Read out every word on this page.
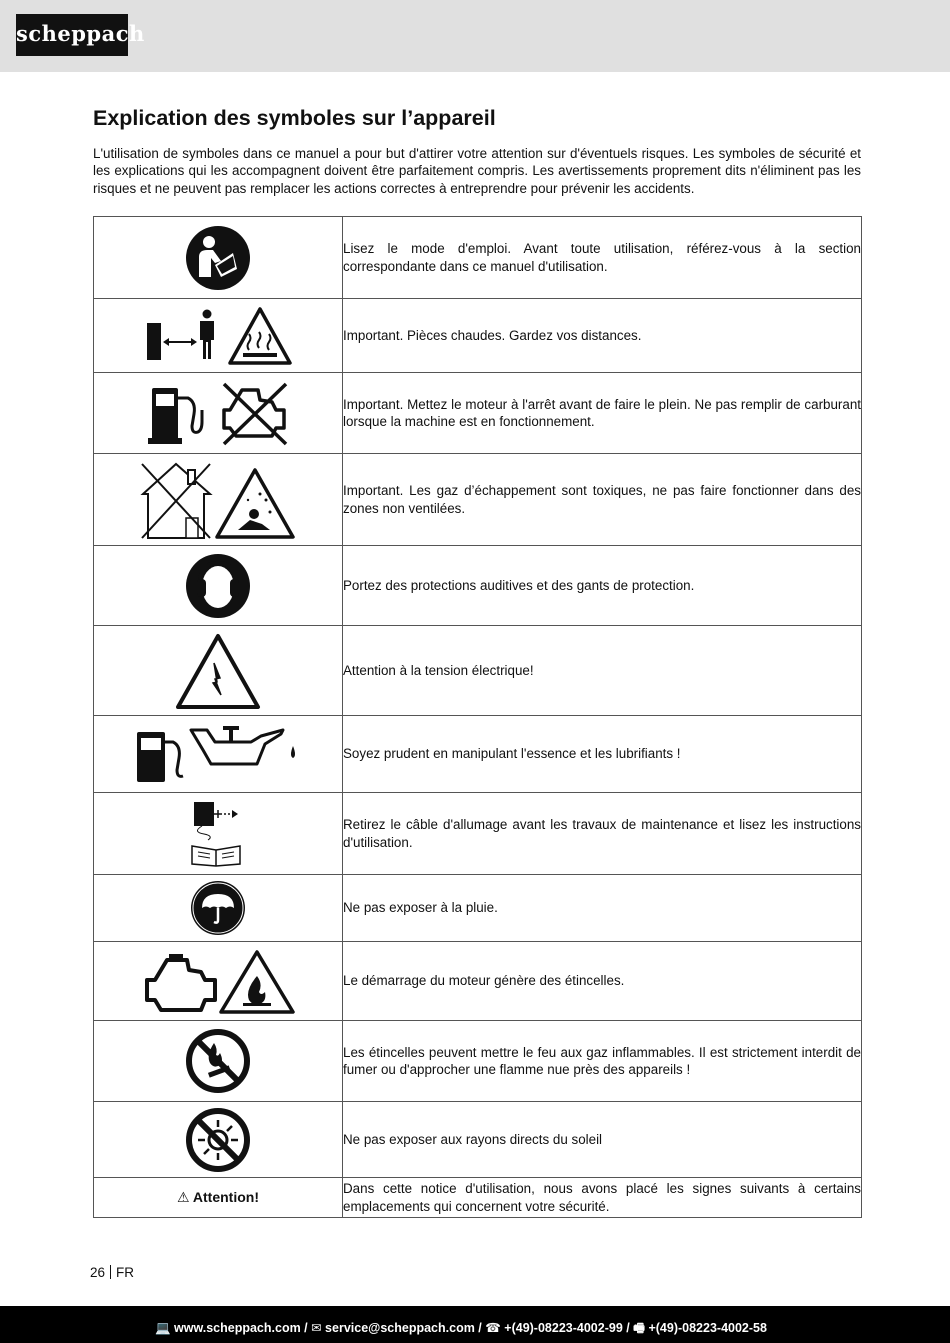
scheppach
Explication des symboles sur l’appareil

L'utilisation de symboles dans ce manuel a pour but d'attirer votre attention sur d'éventuels risques. Les symboles de sécurité et les explications qui les accompagnent doivent être parfaitement compris. Les avertissements proprement dits n'éliminent pas les risques et ne peuvent pas remplacer les actions correctes à entreprendre pour prévenir les accidents.

	Lisez le mode d'emploi. Avant toute utilisation, référez-vous à la section correspondante dans ce manuel d'utilisation.

	Important. Pièces chaudes. Gardez vos distances.

	Important. Mettez le moteur à l'arrêt avant de faire le plein. Ne pas remplir de carburant lorsque la machine est en fonctionnement.

	Important. Les gaz d’échappement sont toxiques, ne pas faire fonctionner dans des zones non ventilées.

	Portez des protections auditives et des gants de protection.

	Attention à la tension électrique!

	Soyez prudent en manipulant l'essence et les lubrifiants !

	Retirez le câble d'allumage avant les travaux de maintenance et lisez les instructions d'utilisation.

	Ne pas exposer à la pluie.

	Le démarrage du moteur génère des étincelles.

	Les étincelles peuvent mettre le feu aux gaz inflammables. Il est strictement interdit de fumer ou d'approcher une flamme nue près des appareils !

	Ne pas exposer aux rayons directs du soleil
⚠ Attention!	Dans cette notice d'utilisation, nous avons placé les signes suivants à certains emplacements qui concernent votre sécurité.
26 FR
💻 www.scheppach.com / ✉ service@scheppach.com / ☎ +(49)-08223-4002-99 / 🖷 +(49)-08223-4002-58
